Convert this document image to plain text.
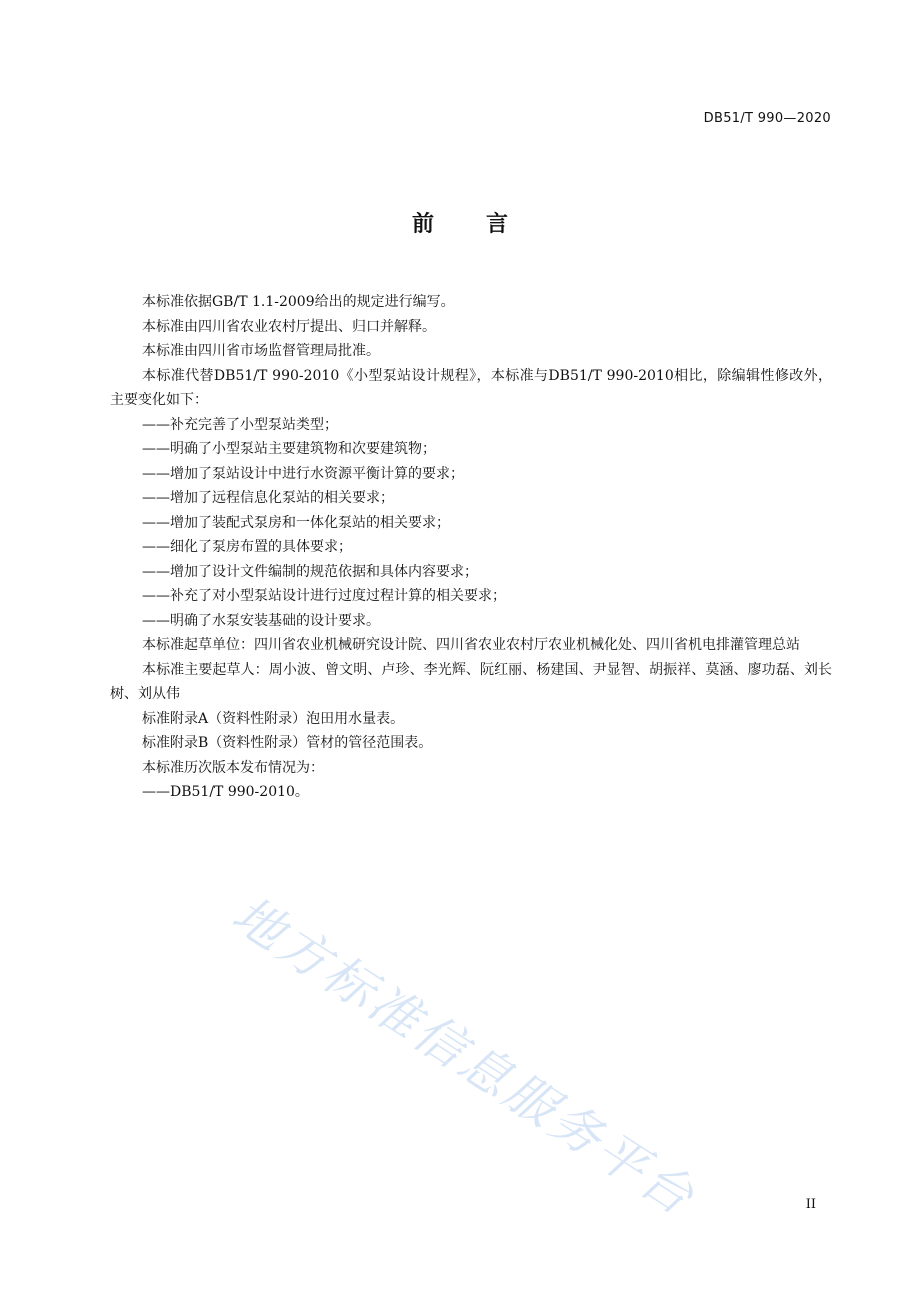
DB51/T 990—2020
前言

本标准依据GB/T 1.1-2009给出的规定进行编写。

本标准由四川省农业农村厅提出、归口并解释。

本标准由四川省市场监督管理局批准。

本标准代替DB51/T 990-2010《小型泵站设计规程》，本标准与DB51/T 990-2010相比，除编辑性修改外，主要变化如下：

——补充完善了小型泵站类型；

——明确了小型泵站主要建筑物和次要建筑物；

——增加了泵站设计中进行水资源平衡计算的要求；

——增加了远程信息化泵站的相关要求；

——增加了装配式泵房和一体化泵站的相关要求；

——细化了泵房布置的具体要求；

——增加了设计文件编制的规范依据和具体内容要求；

——补充了对小型泵站设计进行过度过程计算的相关要求；

——明确了水泵安装基础的设计要求。

本标准起草单位：四川省农业机械研究设计院、四川省农业农村厅农业机械化处、四川省机电排灌管理总站

本标准主要起草人：周小波、曾文明、卢珍、李光辉、阮红丽、杨建国、尹显智、胡振祥、莫涵、廖功磊、刘长树、刘从伟

标准附录A（资料性附录）泡田用水量表。

标准附录B（资料性附录）管材的管径范围表。

本标准历次版本发布情况为：

——DB51/T 990-2010。

地方标准信息服务平台	II
